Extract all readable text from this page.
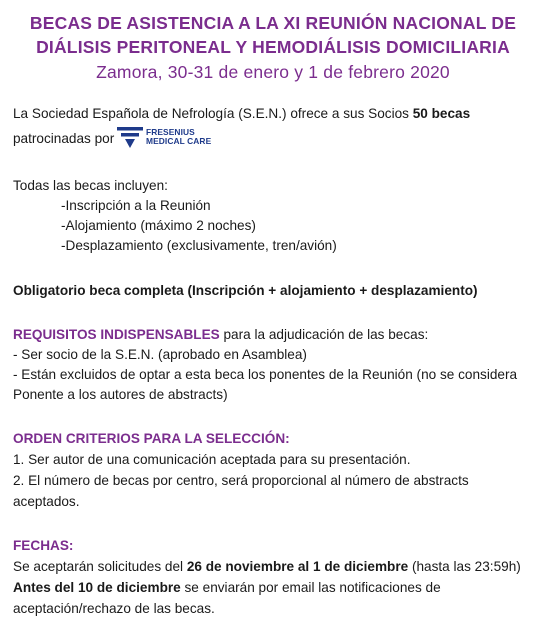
BECAS DE ASISTENCIA A LA XI REUNIÓN NACIONAL DE
DIÁLISIS PERITONEAL Y HEMODIÁLISIS DOMICILIARIA
Zamora, 30-31 de enero y 1 de febrero 2020
La Sociedad Española de Nefrología (S.E.N.) ofrece a sus Socios 50 becas
patrocinadas por	FRESENIUS
MEDICAL CARE
Todas las becas incluyen:
-Inscripción a la Reunión
-Alojamiento (máximo 2 noches)
-Desplazamiento (exclusivamente, tren/avión)
Obligatorio beca completa (Inscripción + alojamiento + desplazamiento)
REQUISITOS INDISPENSABLES para la adjudicación de las becas:
- Ser socio de la S.E.N. (aprobado en Asamblea)
- Están excluidos de optar a esta beca los ponentes de la Reunión (no se considera
Ponente a los autores de abstracts)
ORDEN CRITERIOS PARA LA SELECCIÓN:
1. Ser autor de una comunicación aceptada para su presentación.
2. El número de becas por centro, será proporcional al número de abstracts
aceptados.
FECHAS:
Se aceptarán solicitudes del 26 de noviembre al 1 de diciembre (hasta las 23:59h)
Antes del 10 de diciembre se enviarán por email las notificaciones de
aceptación/rechazo de las becas.
